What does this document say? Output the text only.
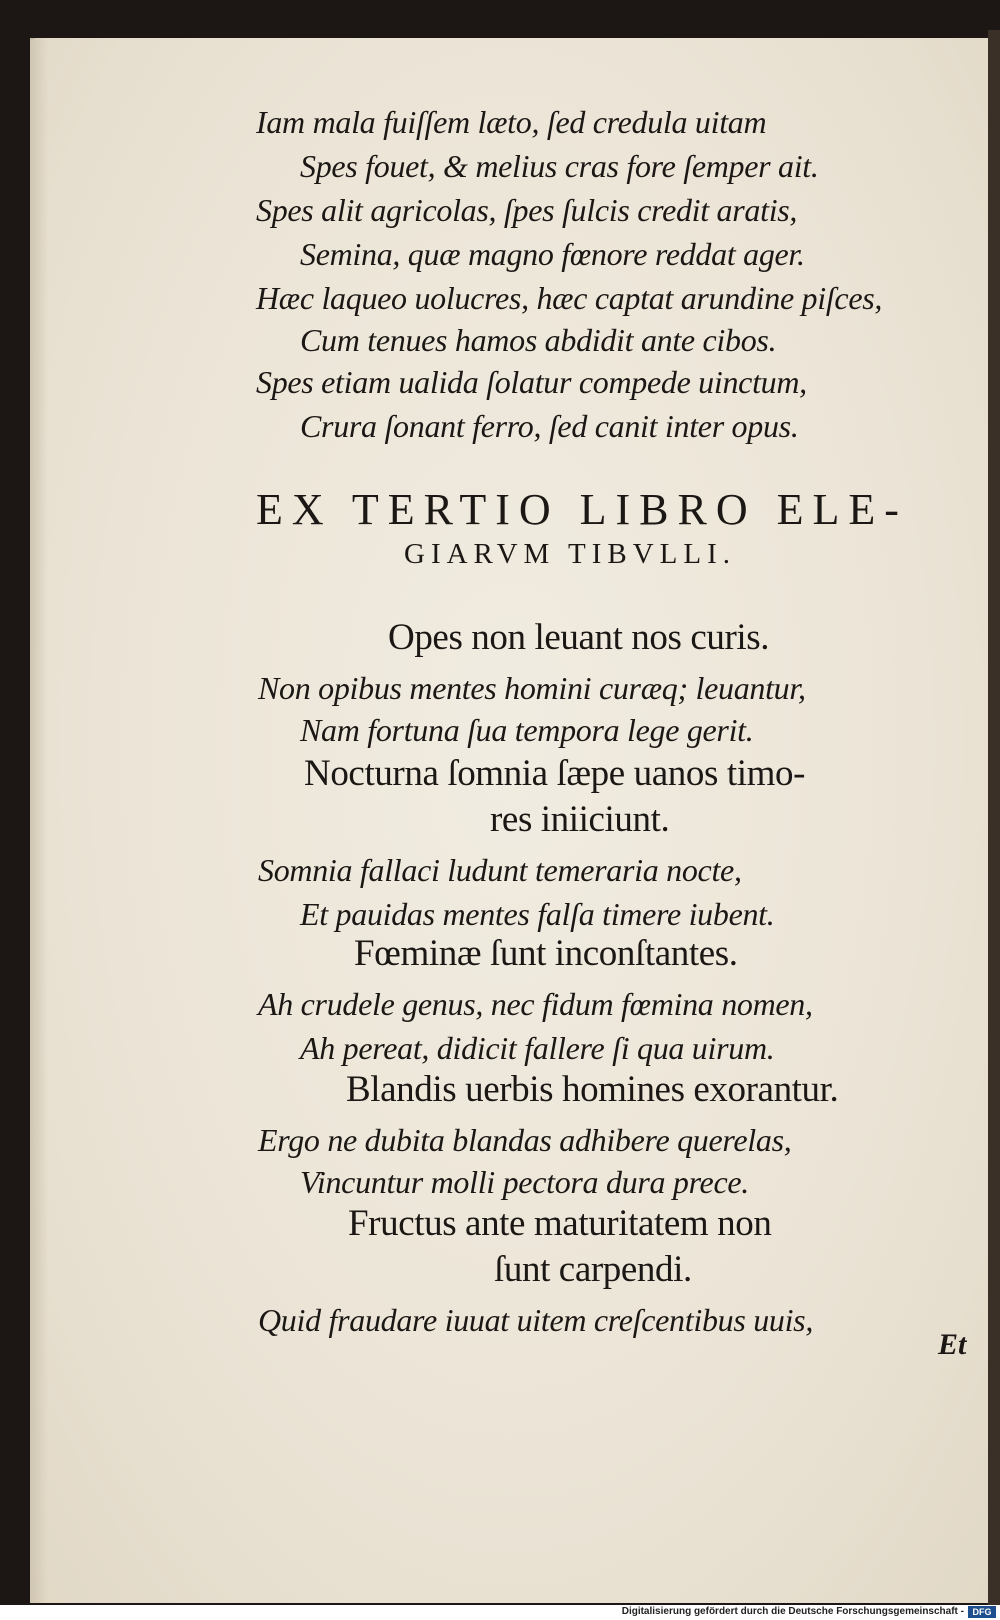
Iam mala fuiſſem læto, ſed credula uitam
Spes fouet, & melius cras fore ſemper ait.
Spes alit agricolas, ſpes ſulcis credit aratis,
Semina, quæ magno fœnore reddat ager.
Hæc laqueo uolucres, hæc captat arundine piſces,
Cum tenues hamos abdidit ante cibos.
Spes etiam ualida ſolatur compede uinctum,
Crura ſonant ferro, ſed canit inter opus.
EX TERTIO LIBRO ELE-
GIARVM TIBVLLI.
Opes non leuant nos curis.
Non opibus mentes homini curæq; leuantur,
Nam fortuna ſua tempora lege gerit.
Nocturna ſomnia ſæpe uanos timo-
res iniiciunt.
Somnia fallaci ludunt temeraria nocte,
Et pauidas mentes falſa timere iubent.
Fœminæ ſunt inconſtantes.
Ah crudele genus, nec fidum fœmina nomen,
Ah pereat, didicit fallere ſi qua uirum.
Blandis uerbis homines exorantur.
Ergo ne dubita blandas adhibere querelas,
Vincuntur molli pectora dura prece.
Fructus ante maturitatem non
ſunt carpendi.
Quid fraudare iuuat uitem creſcentibus uuis,
Et
Digitalisierung gefördert durch die Deutsche Forschungsgemeinschaft - DFG
